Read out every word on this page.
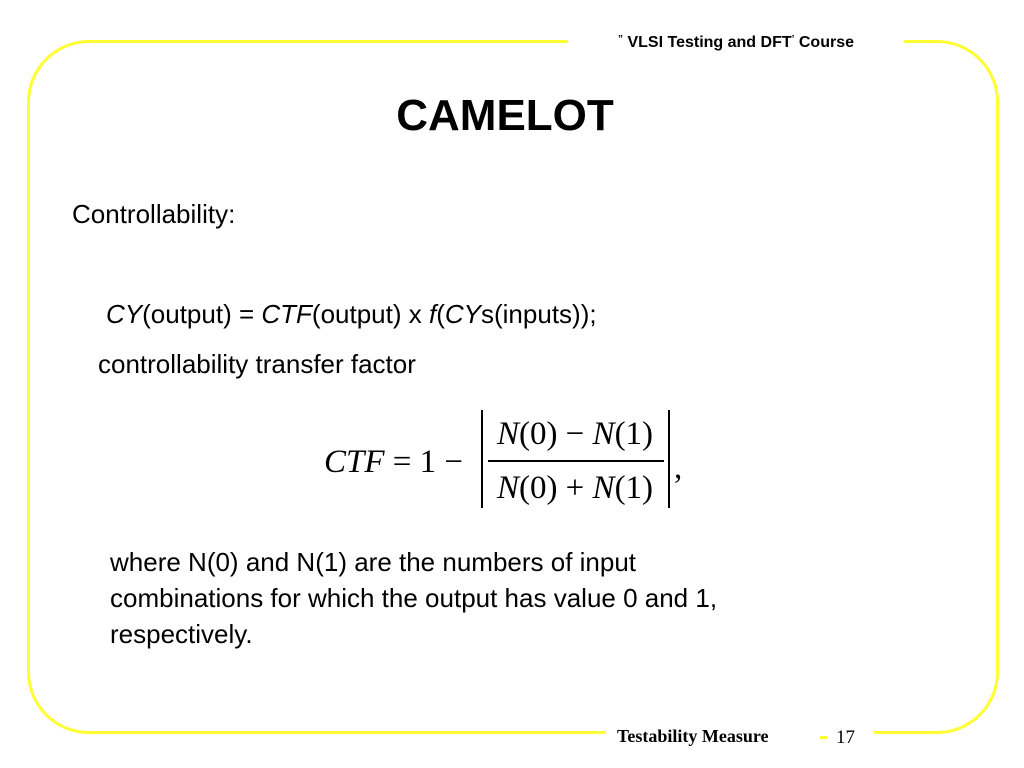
” VLSI Testing and DFT’ Course
CAMELOT
Controllability:
CY(output) = CTF(output) x f(CYs(inputs));
controllability transfer factor
CTF = 1 −
N(0) − N(1)
N(0) + N(1)
,
where N(0) and N(1) are the numbers of input
combinations for which the output has value 0 and 1,
respectively.
Testability Measure	17
